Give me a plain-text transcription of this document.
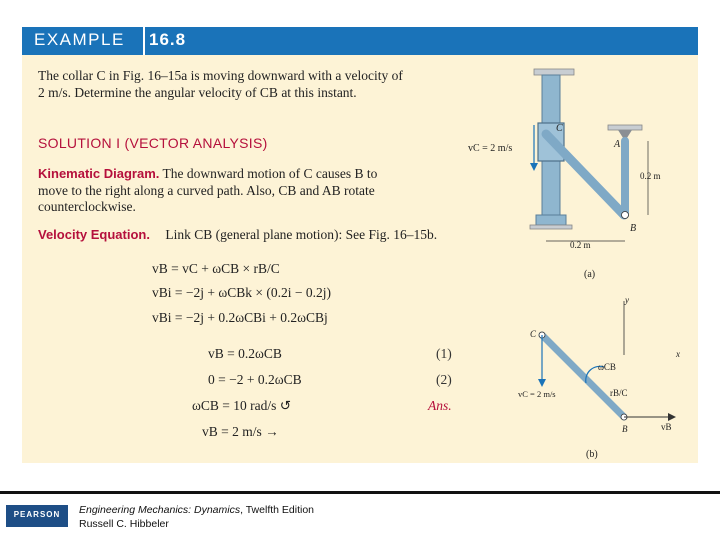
EXAMPLE 16.8
The collar C in Fig. 16–15a is moving downward with a velocity of
2 m/s. Determine the angular velocity of CB at this instant.
SOLUTION I (VECTOR ANALYSIS)
Kinematic Diagram. The downward motion of C causes B to
move to the right along a curved path. Also, CB and AB rotate
counterclockwise.
Velocity Equation. Link CB (general plane motion): See Fig. 16–15b.
vB = vC + ωCB × rB/C
vBi = −2j + ωCBk × (0.2i − 0.2j)
vBi = −2j + 0.2ωCBi + 0.2ωCBj
vB = 0.2ωCB	(1)
0 = −2 + 0.2ωCB	(2)
ωCB = 10 rad/s ↺	Ans.
vB = 2 m/s →
vC = 2 m/s
C
A
B
0.2 m
0.2 m
(a)
y
x
C
ωCB
vC = 2 m/s	rB/C
B	vB
(b)
PEARSON	Engineering Mechanics: Dynamics, Twelfth Edition
Russell C. Hibbeler
